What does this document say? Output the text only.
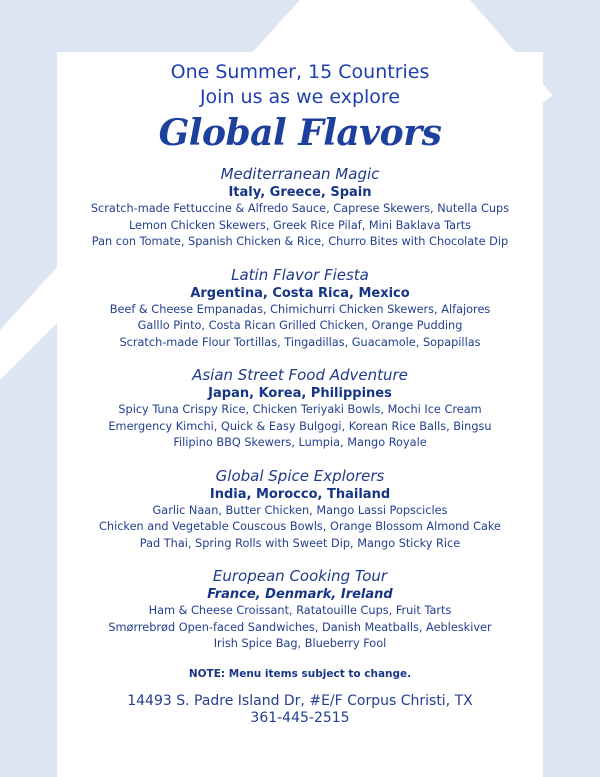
One Summer, 15 Countries
Join us as we explore
Global Flavors
Mediterranean Magic
Italy, Greece, Spain
Scratch-made Fettuccine & Alfredo Sauce, Caprese Skewers, Nutella Cups
Lemon Chicken Skewers, Greek Rice Pilaf, Mini Baklava Tarts
Pan con Tomate, Spanish Chicken & Rice, Churro Bites with Chocolate Dip
Latin Flavor Fiesta
Argentina, Costa Rica, Mexico
Beef & Cheese Empanadas, Chimichurri Chicken Skewers, Alfajores
Galllo Pinto, Costa Rican Grilled Chicken, Orange Pudding
Scratch-made Flour Tortillas, Tingadillas, Guacamole, Sopapillas
Asian Street Food Adventure
Japan, Korea, Philippines
Spicy Tuna Crispy Rice, Chicken Teriyaki Bowls, Mochi Ice Cream
Emergency Kimchi, Quick & Easy Bulgogi, Korean Rice Balls, Bingsu
Filipino BBQ Skewers, Lumpia, Mango Royale
Global Spice Explorers
India, Morocco, Thailand
Garlic Naan, Butter Chicken, Mango Lassi Popscicles
Chicken and Vegetable Couscous Bowls, Orange Blossom Almond Cake
Pad Thai, Spring Rolls with Sweet Dip, Mango Sticky Rice
European Cooking Tour
France, Denmark, Ireland
Ham & Cheese Croissant, Ratatouille Cups, Fruit Tarts
Smørrebrød Open-faced Sandwiches, Danish Meatballs, Aebleskiver
Irish Spice Bag, Blueberry Fool
NOTE: Menu items subject to change.
14493 S. Padre Island Dr, #E/F Corpus Christi, TX
361-445-2515
